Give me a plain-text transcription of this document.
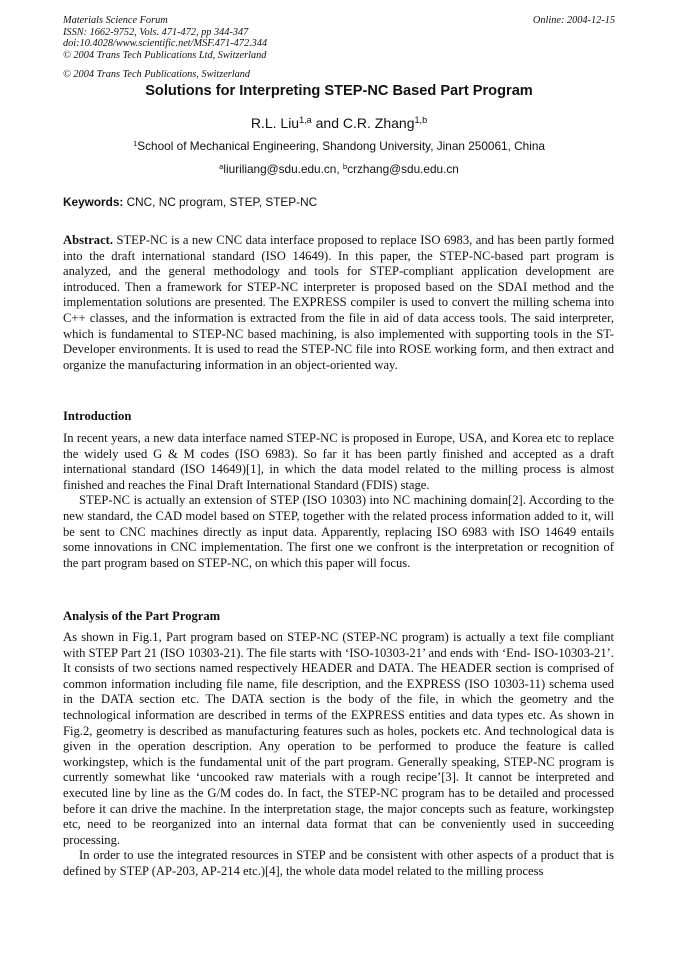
Materials Science Forum
ISSN: 1662-9752, Vols. 471-472, pp 344-347
doi:10.4028/www.scientific.net/MSF.471-472.344
© 2004 Trans Tech Publications Ltd, Switzerland
Online: 2004-12-15
© 2004 Trans Tech Publications, Switzerland
Solutions for Interpreting STEP-NC Based Part Program
R.L. Liu$^{1,a}$ and C.R. Zhang$^{1,b}$
$^1$School of Mechanical Engineering, Shandong University, Jinan 250061, China
$^a$liuriliang@sdu.edu.cn, $^b$crzhang@sdu.edu.cn
Keywords: CNC, NC program, STEP, STEP-NC

Abstract. STEP-NC is a new CNC data interface proposed to replace ISO 6983, and has been partly formed into the draft international standard (ISO 14649). In this paper, the STEP-NC-based part program is analyzed, and the general methodology and tools for STEP-compliant application development are introduced. Then a framework for STEP-NC interpreter is proposed based on the SDAI method and the implementation solutions are presented. The EXPRESS compiler is used to convert the milling schema into C++ classes, and the information is extracted from the file in aid of data access tools. The said interpreter, which is fundamental to STEP-NC based machining, is also implemented with supporting tools in the ST-Developer environments. It is used to read the STEP-NC file into ROSE working form, and then extract and organize the manufacturing information in an object-oriented way.

Introduction

In recent years, a new data interface named STEP-NC is proposed in Europe, USA, and Korea etc to replace the widely used G & M codes (ISO 6983). So far it has been partly finished and accepted as a draft international standard (ISO 14649)[1], in which the data model related to the milling process is almost finished and reaches the Final Draft International Standard (FDIS) stage.

STEP-NC is actually an extension of STEP (ISO 10303) into NC machining domain[2]. According to the new standard, the CAD model based on STEP, together with the related process information added to it, will be sent to CNC machines directly as input data. Apparently, replacing ISO 6983 with ISO 14649 entails some innovations in CNC implementation. The first one we confront is the interpretation or recognition of the part program based on STEP-NC, on which this paper will focus.

Analysis of the Part Program

As shown in Fig.1, Part program based on STEP-NC (STEP-NC program) is actually a text file compliant with STEP Part 21 (ISO 10303-21). The file starts with ‘ISO-10303-21’ and ends with ‘End- ISO-10303-21’. It consists of two sections named respectively HEADER and DATA. The HEADER section is comprised of common information including file name, file description, and the EXPRESS (ISO 10303-11) schema used in the DATA section etc. The DATA section is the body of the file, in which the geometry and the technological information are described in terms of the EXPRESS entities and data types etc. As shown in Fig.2, geometry is described as manufacturing features such as holes, pockets etc. And technological data is given in the operation description. Any operation to be performed to produce the feature is called workingstep, which is the fundamental unit of the part program. Generally speaking, STEP-NC program is currently somewhat like ‘uncooked raw materials with a rough recipe’[3]. It cannot be interpreted and executed line by line as the G/M codes do. In fact, the STEP-NC program has to be detailed and processed before it can drive the machine. In the interpretation stage, the major concepts such as feature, workingstep etc, need to be reorganized into an internal data format that can be conveniently used in succeeding processing.

In order to use the integrated resources in STEP and be consistent with other aspects of a product that is defined by STEP (AP-203, AP-214 etc.)[4], the whole data model related to the milling process
